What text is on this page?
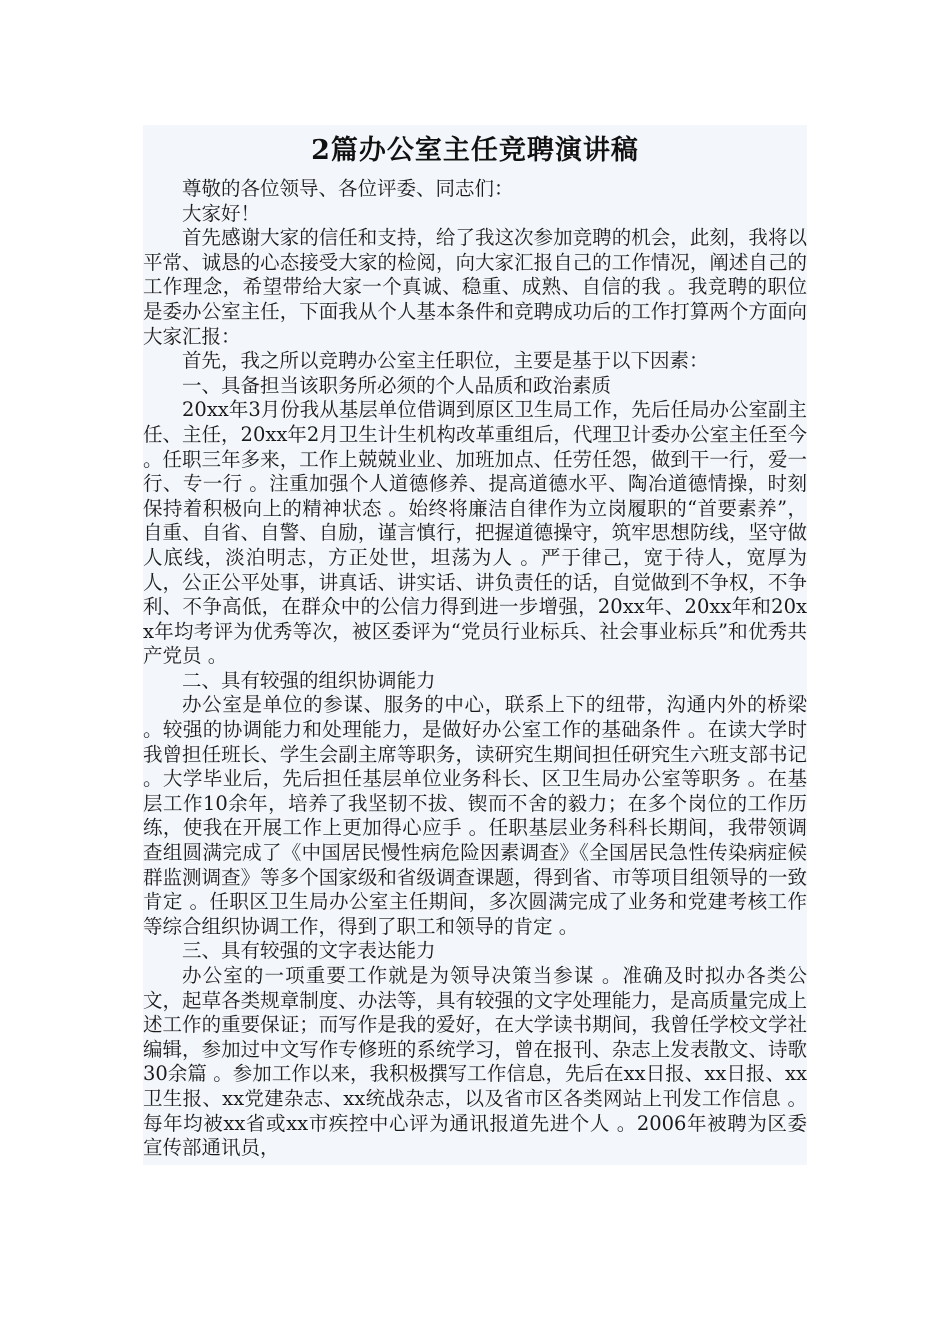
2篇办公室主任竞聘演讲稿

尊敬的各位领导、各位评委、同志们：

大家好！

首先感谢大家的信任和支持，给了我这次参加竞聘的机会，此刻，我将以平常、诚恳的心态接受大家的检阅，向大家汇报自己的工作情况，阐述自己的工作理念，希望带给大家一个真诚、稳重、成熟、自信的我 。我竞聘的职位是委办公室主任，下面我从个人基本条件和竞聘成功后的工作打算两个方面向大家汇报：

首先，我之所以竞聘办公室主任职位，主要是基于以下因素：

一、具备担当该职务所必须的个人品质和政治素质

20xx年3月份我从基层单位借调到原区卫生局工作，先后任局办公室副主任、主任，20xx年2月卫生计生机构改革重组后，代理卫计委办公室主任至今 。任职三年多来，工作上兢兢业业、加班加点、任劳任怨，做到干一行，爱一行、专一行 。注重加强个人道德修养、提高道德水平、陶冶道德情操，时刻保持着积极向上的精神状态 。始终将廉洁自律作为立岗履职的“首要素养”，自重、自省、自警、自励，谨言慎行，把握道德操守，筑牢思想防线，坚守做人底线，淡泊明志，方正处世，坦荡为人 。严于律己，宽于待人，宽厚为人，公正公平处事，讲真话、讲实话、讲负责任的话，自觉做到不争权，不争利、不争高低，在群众中的公信力得到进一步增强，20xx年、20xx年和20xx年均考评为优秀等次，被区委评为“党员行业标兵、社会事业标兵”和优秀共产党员 。

二、具有较强的组织协调能力

办公室是单位的参谋、服务的中心，联系上下的纽带，沟通内外的桥梁 。较强的协调能力和处理能力，是做好办公室工作的基础条件 。在读大学时我曾担任班长、学生会副主席等职务，读研究生期间担任研究生六班支部书记 。大学毕业后，先后担任基层单位业务科长、区卫生局办公室等职务 。在基层工作10余年，培养了我坚韧不拔、锲而不舍的毅力；在多个岗位的工作历练，使我在开展工作上更加得心应手 。任职基层业务科科长期间，我带领调查组圆满完成了《中国居民慢性病危险因素调查》《全国居民急性传染病症候群监测调查》等多个国家级和省级调查课题，得到省、市等项目组领导的一致肯定 。任职区卫生局办公室主任期间，多次圆满完成了业务和党建考核工作等综合组织协调工作，得到了职工和领导的肯定 。

三、具有较强的文字表达能力

办公室的一项重要工作就是为领导决策当参谋 。准确及时拟办各类公文，起草各类规章制度、办法等，具有较强的文字处理能力，是高质量完成上述工作的重要保证；而写作是我的爱好，在大学读书期间，我曾任学校文学社编辑，参加过中文写作专修班的系统学习，曾在报刊、杂志上发表散文、诗歌30余篇 。参加工作以来，我积极撰写工作信息，先后在xx日报、xx日报、xx卫生报、xx党建杂志、xx统战杂志，以及省市区各类网站上刊发工作信息 。每年均被xx省或xx市疾控中心评为通讯报道先进个人 。2006年被聘为区委宣传部通讯员，
